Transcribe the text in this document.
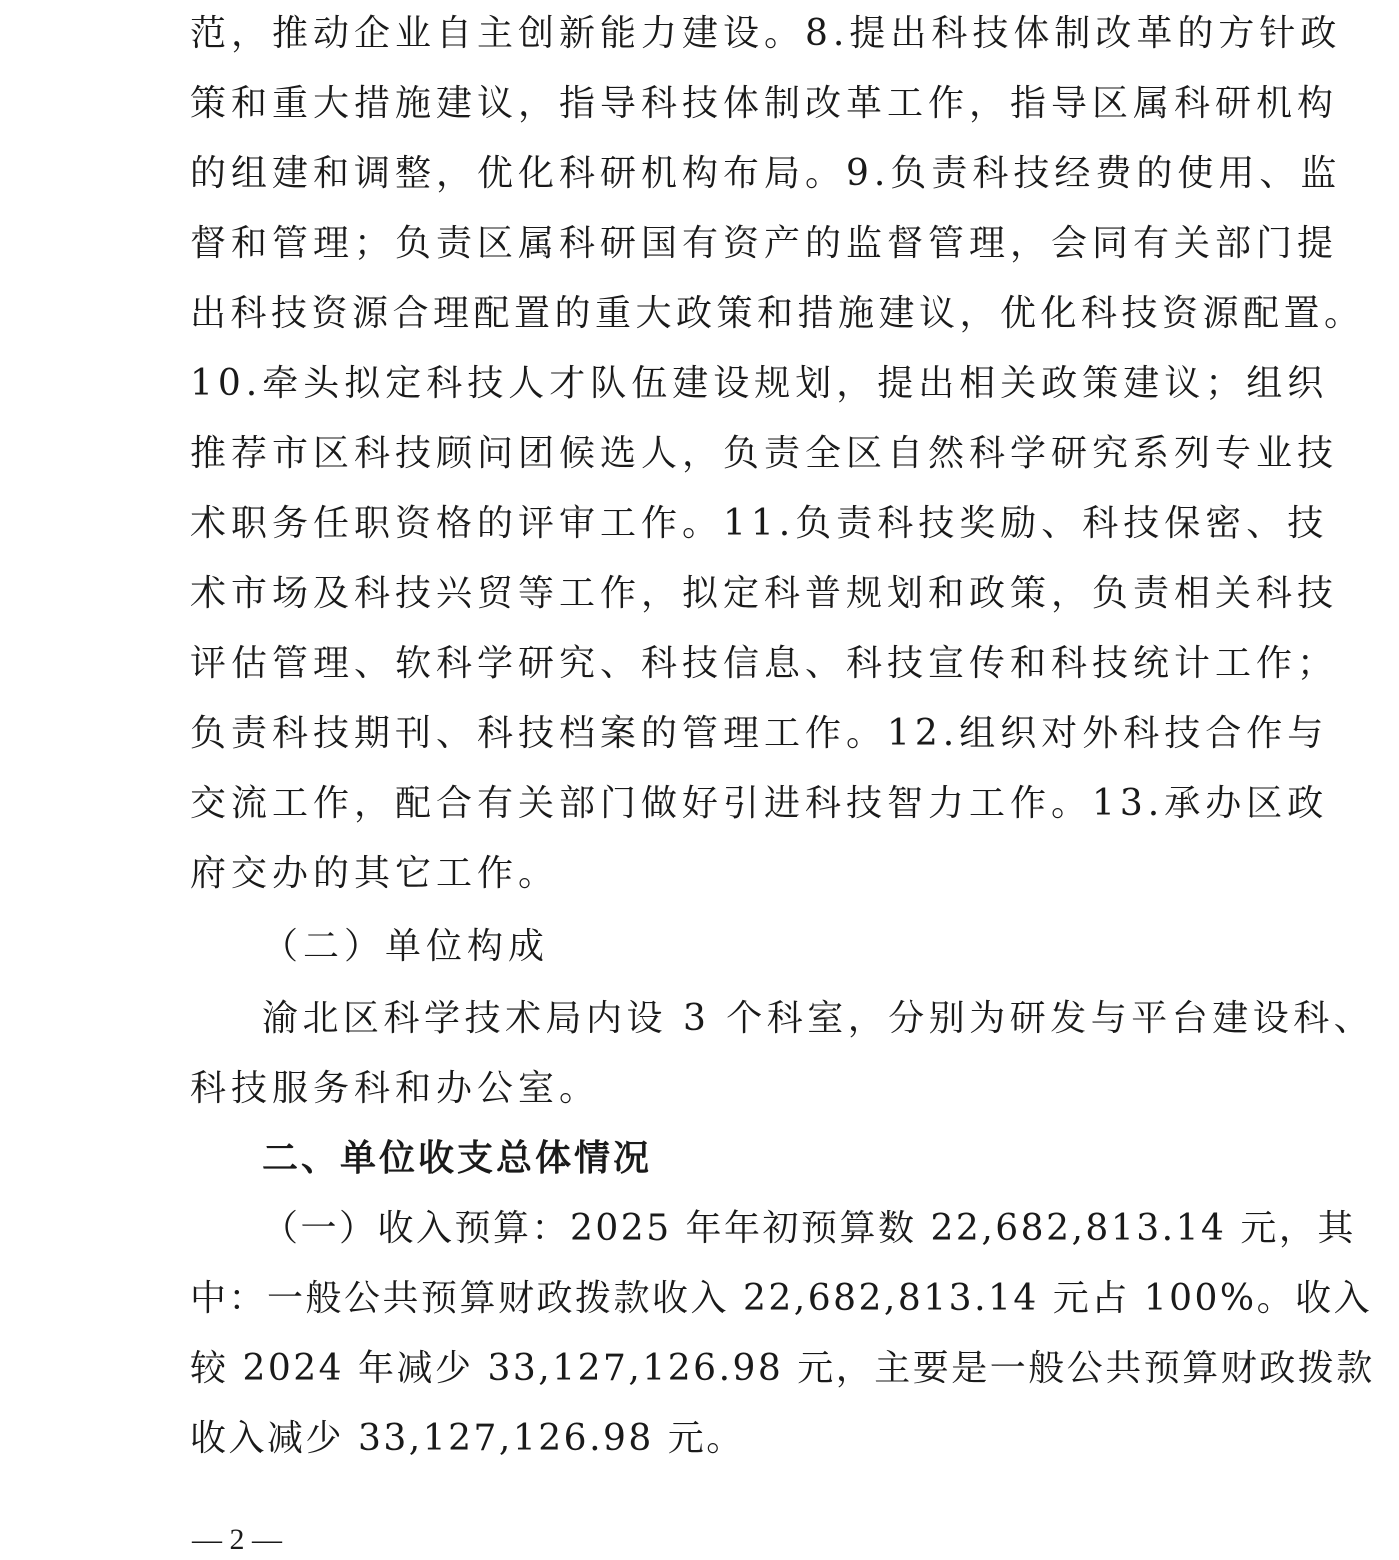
范，推动企业自主创新能力建设。8.提出科技体制改革的方针政
策和重大措施建议，指导科技体制改革工作，指导区属科研机构
的组建和调整，优化科研机构布局。9.负责科技经费的使用、监
督和管理；负责区属科研国有资产的监督管理，会同有关部门提
出科技资源合理配置的重大政策和措施建议，优化科技资源配置。
10.牵头拟定科技人才队伍建设规划，提出相关政策建议；组织
推荐市区科技顾问团候选人，负责全区自然科学研究系列专业技
术职务任职资格的评审工作。11.负责科技奖励、科技保密、技
术市场及科技兴贸等工作，拟定科普规划和政策，负责相关科技
评估管理、软科学研究、科技信息、科技宣传和科技统计工作；
负责科技期刊、科技档案的管理工作。12.组织对外科技合作与
交流工作，配合有关部门做好引进科技智力工作。13.承办区政
府交办的其它工作。
（二）单位构成
渝北区科学技术局内设 3 个科室，分别为研发与平台建设科、
科技服务科和办公室。
二、单位收支总体情况
（一）收入预算：2025 年年初预算数 22,682,813.14 元，其
中：一般公共预算财政拨款收入 22,682,813.14 元占 100%。收入
较 2024 年减少 33,127,126.98 元，主要是一般公共预算财政拨款
收入减少 33,127,126.98 元。
— 2 —
